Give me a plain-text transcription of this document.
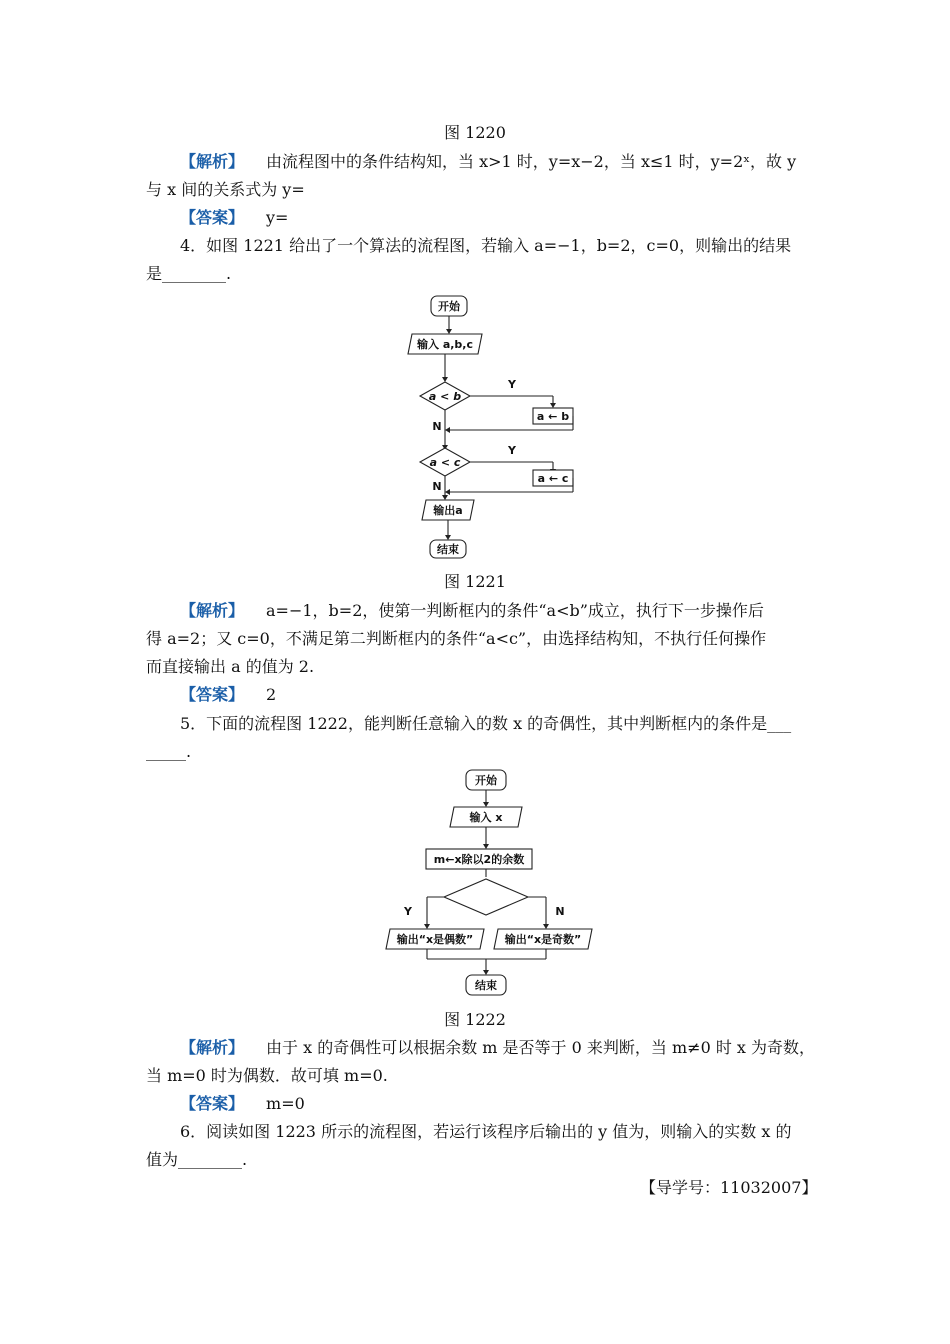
图 1220
【解析】 由流程图中的条件结构知，当 x>1 时，y=x−2，当 x≤1 时，y=2ˣ，故 y
与 x 间的关系式为 y=
【答案】 y=
4．如图 1221 给出了一个算法的流程图，若输入 a=−1，b=2，c=0，则输出的结果
是________.
开始
输入 a,b,c
a < b
Y
a ← b
N
a < c
Y
a ← c
N
输出a
结束
图 1221
【解析】 a=−1，b=2，使第一判断框内的条件“a<b”成立，执行下一步操作后
得 a=2；又 c=0，不满足第二判断框内的条件“a<c”，由选择结构知，不执行任何操作
而直接输出 a 的值为 2.
【答案】 2
5．下面的流程图 1222，能判断任意输入的数 x 的奇偶性，其中判断框内的条件是___
_____.
开始
输入 x
m←x除以2的余数
Y	N
输出“x是偶数”	输出“x是奇数”
结束
图 1222
【解析】 由于 x 的奇偶性可以根据余数 m 是否等于 0 来判断，当 m≠0 时 x 为奇数，
当 m=0 时为偶数．故可填 m=0.
【答案】 m=0
6．阅读如图 1223 所示的流程图，若运行该程序后输出的 y 值为，则输入的实数 x 的
值为________.
【导学号：11032007】
